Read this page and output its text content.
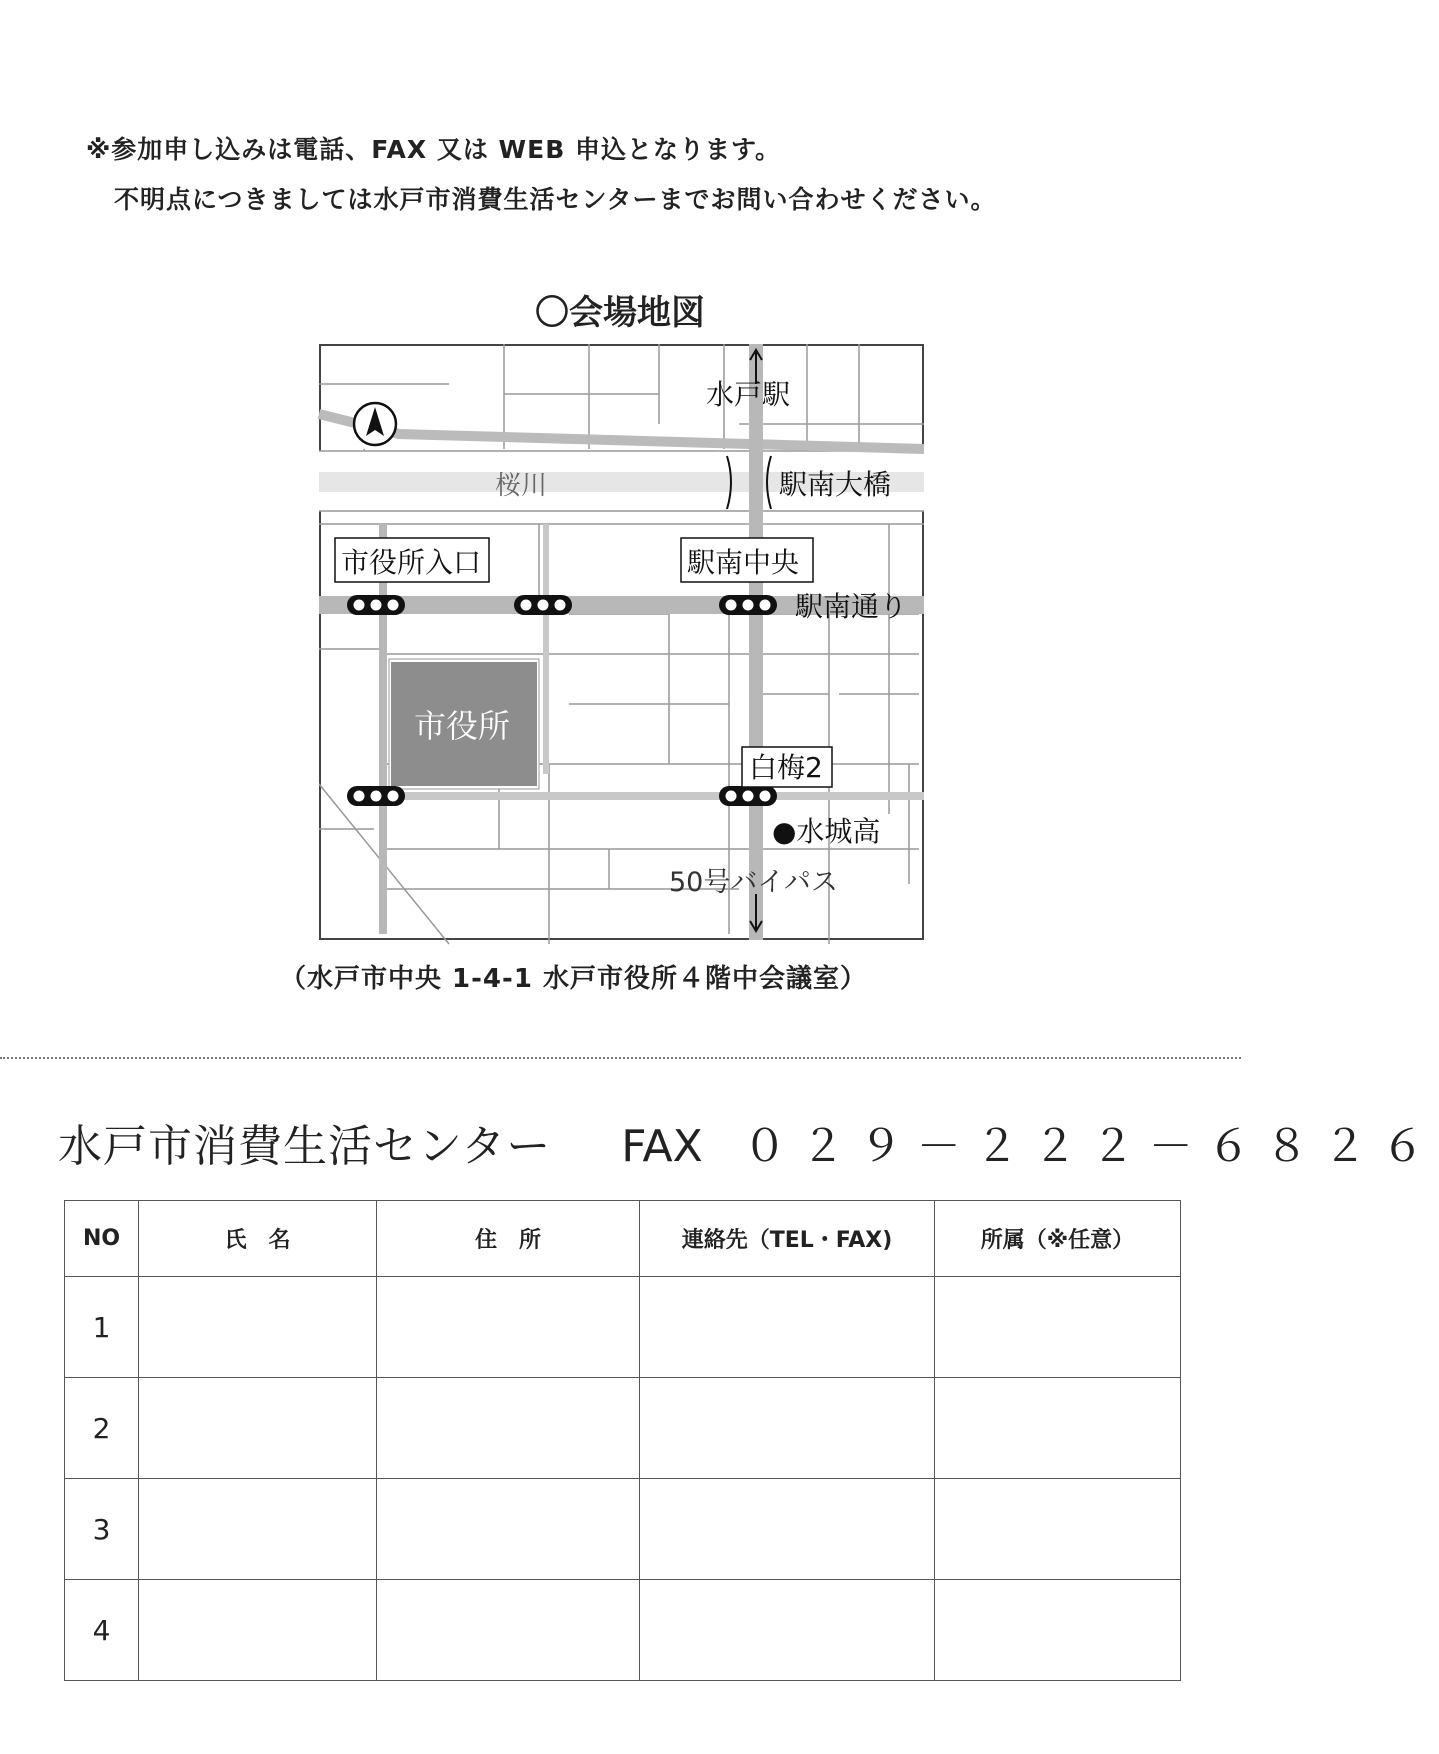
※参加申し込みは電話、FAX 又は WEB 申込となります。
不明点につきましては水戸市消費生活センターまでお問い合わせください。
〇会場地図
水戸駅
桜川	駅南大橋
市役所入口	駅南中央
駅南通り
市役所
白梅2
●水城高
50号バイパス
（水戸市中央 1-4-1 水戸市役所４階中会議室）
水戸市消費生活センター FAX ０２９－２２２－６８２６
NO	氏　名	住　所	連絡先（TEL・FAX)	所属（※任意）
1				
2				
3				
4				
